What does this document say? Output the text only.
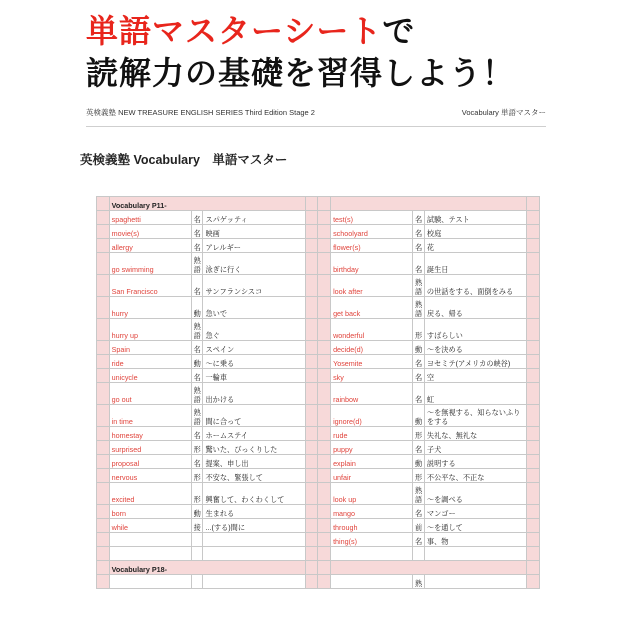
単語マスターシートで
読解力の基礎を習得しよう！
英検義塾 NEW TREASURE ENGLISH SERIES Third Edition Stage 2	Vocabulary 単語マスター
英検義塾 Vocabulary　単語マスター
	Vocabulary P11-								
	spaghetti	名	スパゲッティ			test(s)	名	試験、テスト	
	movie(s)	名	映画			schoolyard	名	校庭	
	allergy	名	アレルギー			flower(s)	名	花	
	go swimming	熟語	泳ぎに行く			birthday	名	誕生日	
	San Francisco	名	サンフランシスコ			look after	熟語	の世話をする、面倒をみる	
	hurry	動	急いで			get back	熟語	戻る、帰る	
	hurry up	熟語	急ぐ			wonderful	形	すばらしい	
	Spain	名	スペイン			decide(d)	動	〜を決める	
	ride	動	〜に乗る			Yosemite	名	ヨセミテ(アメリカの峡谷)	
	unicycle	名	一輪車			sky	名	空	
	go out	熟語	出かける			rainbow	名	虹	
	in time	熟語	間に合って			ignore(d)	動	〜を無視する、知らないふりをする	
	homestay	名	ホームステイ			rude	形	失礼な、無礼な	
	surprised	形	驚いた、びっくりした			puppy	名	子犬	
	proposal	名	提案、申し出			explain	動	説明する	
	nervous	形	不安な、緊張して			unfair	形	不公平な、不正な	
	excited	形	興奮して、わくわくして			look up	熟語	〜を調べる	
	born	動	生まれる			mango	名	マンゴー	
	while	接	...(する)間に			through	前	〜を通して	
						thing(s)	名	事、物	

	Vocabulary P18-								
							熟		
